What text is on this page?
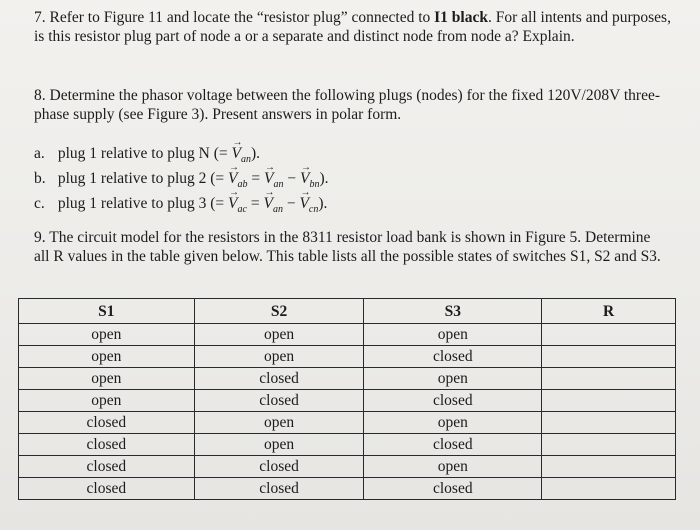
7. Refer to Figure 11 and locate the “resistor plug” connected to I1 black. For all intents and purposes, is this resistor plug part of node a or a separate and distinct node from node a? Explain.

8. Determine the phasor voltage between the following plugs (nodes) for the fixed 120V/208V three-phase supply (see Figure 3). Present answers in polar form.

a. plug 1 relative to plug N (= → $V_{an}$).
b. plug 1 relative to plug 2 (= → $V_{ab}$ = → $V_{an}$ − → $V_{bn}$).
c. plug 1 relative to plug 3 (= → $V_{ac}$ = → $V_{an}$ − → $V_{cn}$).

9. The circuit model for the resistors in the 8311 resistor load bank is shown in Figure 5. Determine all R values in the table given below. This table lists all the possible states of switches S1, S2 and S3.

S1	S2	S3	R
open	open	open	
open	open	closed	
open	closed	open	
open	closed	closed	
closed	open	open	
closed	open	closed	
closed	closed	open	
closed	closed	closed	
